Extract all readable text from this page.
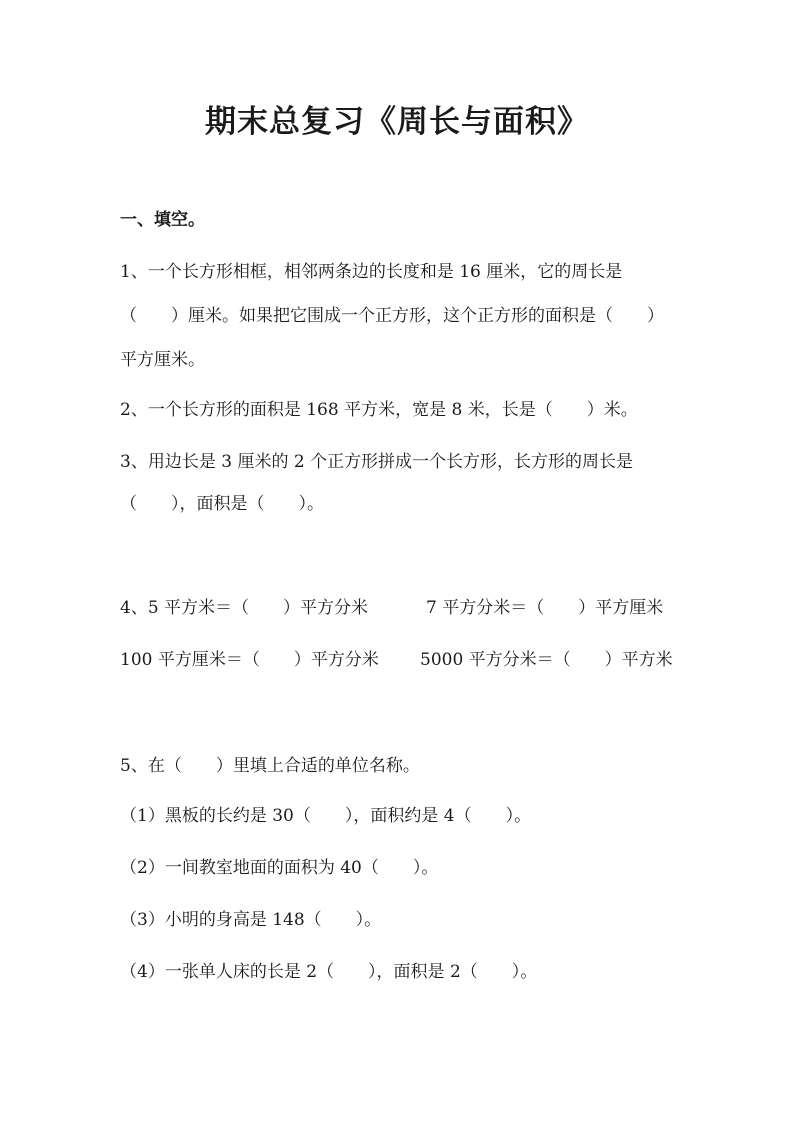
期末总复习《周长与面积》
一、填空。
1、一个长方形相框，相邻两条边的长度和是 16 厘米，它的周长是
（　　）厘米。如果把它围成一个正方形，这个正方形的面积是（　　）
平方厘米。
2、一个长方形的面积是 168 平方米，宽是 8 米，长是（　　）米。
3、用边长是 3 厘米的 2 个正方形拼成一个长方形，长方形的周长是
（　　），面积是（　　）。
4、5 平方米＝（　　）平方分米	7 平方分米＝（　　）平方厘米
100 平方厘米＝（　　）平方分米 5000 平方分米＝（　　）平方米
5、在（　　）里填上合适的单位名称。
（1）黑板的长约是 30（　　），面积约是 4（　　）。
（2）一间教室地面的面积为 40（　　）。
（3）小明的身高是 148（　　）。
（4）一张单人床的长是 2（　　），面积是 2（　　）。
